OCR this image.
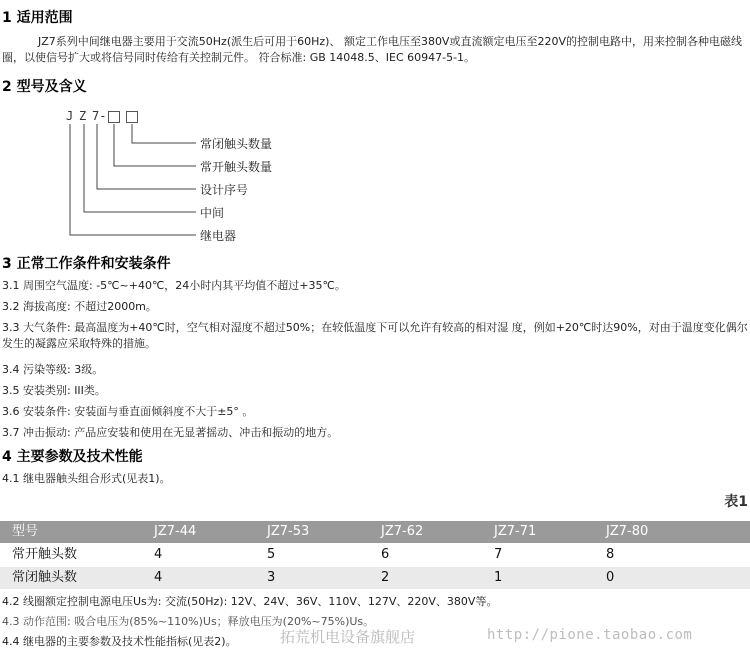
1 适用范围
JZ7系列中间继电器主要用于交流50Hz(派生后可用于60Hz)、 额定工作电压至380V或直流额定电压至220V的控制电路中，用来控制各种电磁线圈，以使信号扩大或将信号同时传给有关控制元件。 符合标准: GB 14048.5、IEC 60947-5-1。
2 型号及含义
J Z 7-
常闭触头数量
常开触头数量
设计序号
中间
继电器
3 正常工作条件和安装条件
3.1 周围空气温度: -5℃~+40℃，24小时内其平均值不超过+35℃。
3.2 海拔高度: 不超过2000m。
3.3 大气条件: 最高温度为+40℃时，空气相对湿度不超过50%；在较低温度下可以允许有较高的相对湿 度，例如+20℃时达90%，对由于温度变化偶尔发生的凝露应采取特殊的措施。
3.4 污染等级: 3级。
3.5 安装类别: III类。
3.6 安装条件: 安装面与垂直面倾斜度不大于±5° 。
3.7 冲击振动: 产品应安装和使用在无显著摇动、冲击和振动的地方。
4 主要参数及技术性能
4.1 继电器触头组合形式(见表1)。
表1
型号	JZ7-44	JZ7-53	JZ7-62	JZ7-71	JZ7-80
常开触头数	4	5	6	7	8
常闭触头数	4	3	2	1	0
4.2 线圈额定控制电源电压Us为: 交流(50Hz): 12V、24V、36V、110V、127V、220V、380V等。
4.3 动作范围: 吸合电压为(85%~110%)Us；释放电压为(20%~75%)Us。
4.4 继电器的主要参数及技术性能指标(见表2)。	拓荒机电设备旗舰店	http://pione.taobao.com
